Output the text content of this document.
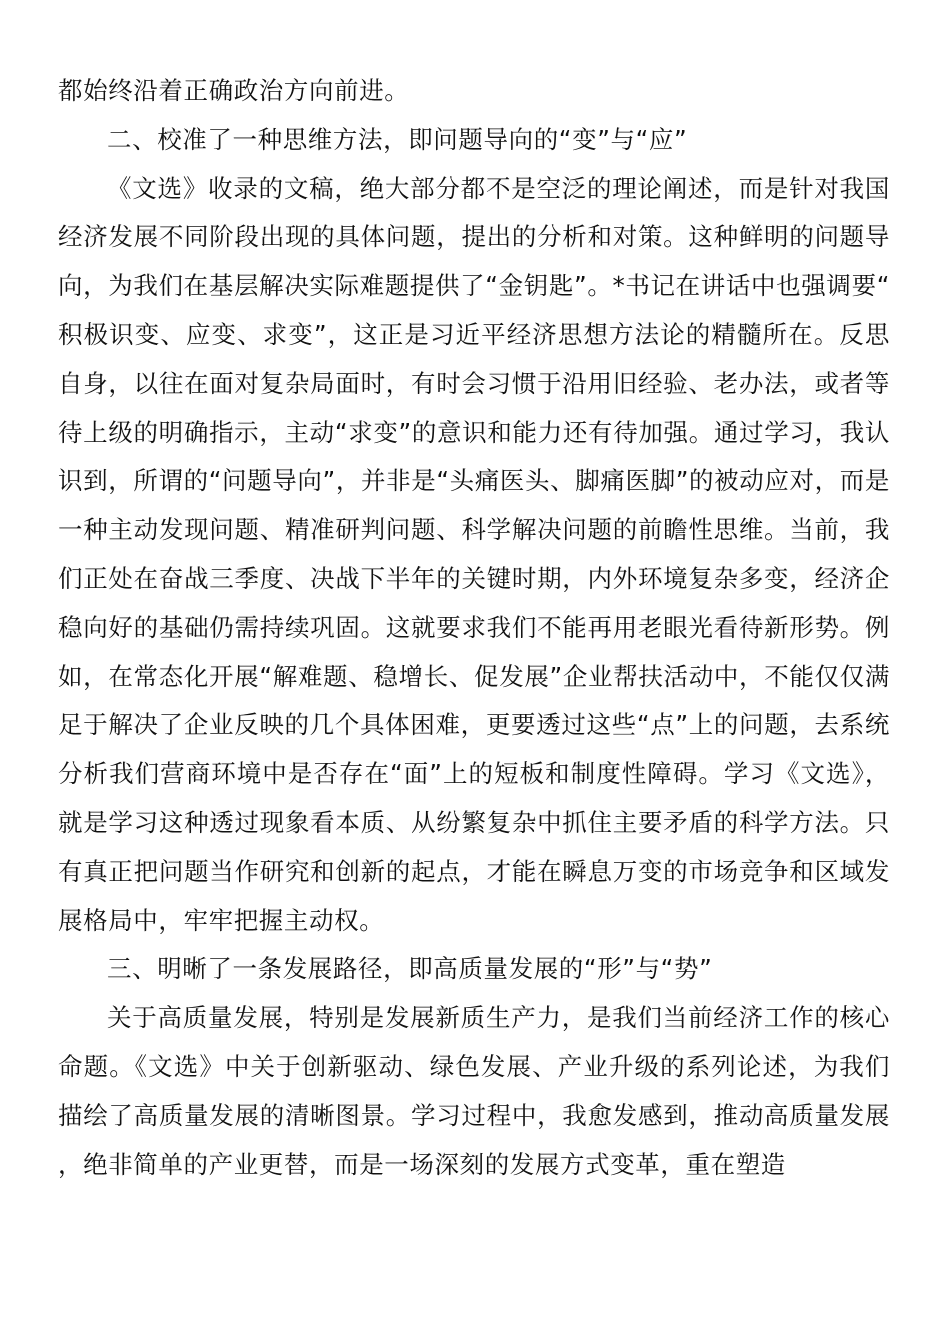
都始终沿着正确政治方向前进。

二、校准了一种思维方法，即问题导向的“变”与“应”

《文选》收录的文稿，绝大部分都不是空泛的理论阐述，而是针对我国经济发展不同阶段出现的具体问题，提出的分析和对策。这种鲜明的问题导向，为我们在基层解决实际难题提供了“金钥匙”。*书记在讲话中也强调要“积极识变、应变、求变”，这正是习近平经济思想方法论的精髓所在。反思自身，以往在面对复杂局面时，有时会习惯于沿用旧经验、老办法，或者等待上级的明确指示，主动“求变”的意识和能力还有待加强。通过学习，我认识到，所谓的“问题导向”，并非是“头痛医头、脚痛医脚”的被动应对，而是一种主动发现问题、精准研判问题、科学解决问题的前瞻性思维。当前，我们正处在奋战三季度、决战下半年的关键时期，内外环境复杂多变，经济企稳向好的基础仍需持续巩固。这就要求我们不能再用老眼光看待新形势。例如，在常态化开展“解难题、稳增长、促发展”企业帮扶活动中，不能仅仅满足于解决了企业反映的几个具体困难，更要透过这些“点”上的问题，去系统分析我们营商环境中是否存在“面”上的短板和制度性障碍。学习《文选》，就是学习这种透过现象看本质、从纷繁复杂中抓住主要矛盾的科学方法。只有真正把问题当作研究和创新的起点，才能在瞬息万变的市场竞争和区域发展格局中，牢牢把握主动权。

三、明晰了一条发展路径，即高质量发展的“形”与“势”

关于高质量发展，特别是发展新质生产力，是我们当前经济工作的核心命题。《文选》中关于创新驱动、绿色发展、产业升级的系列论述，为我们描绘了高质量发展的清晰图景。学习过程中，我愈发感到，推动高质量发展，绝非简单的产业更替，而是一场深刻的发展方式变革，重在塑造
